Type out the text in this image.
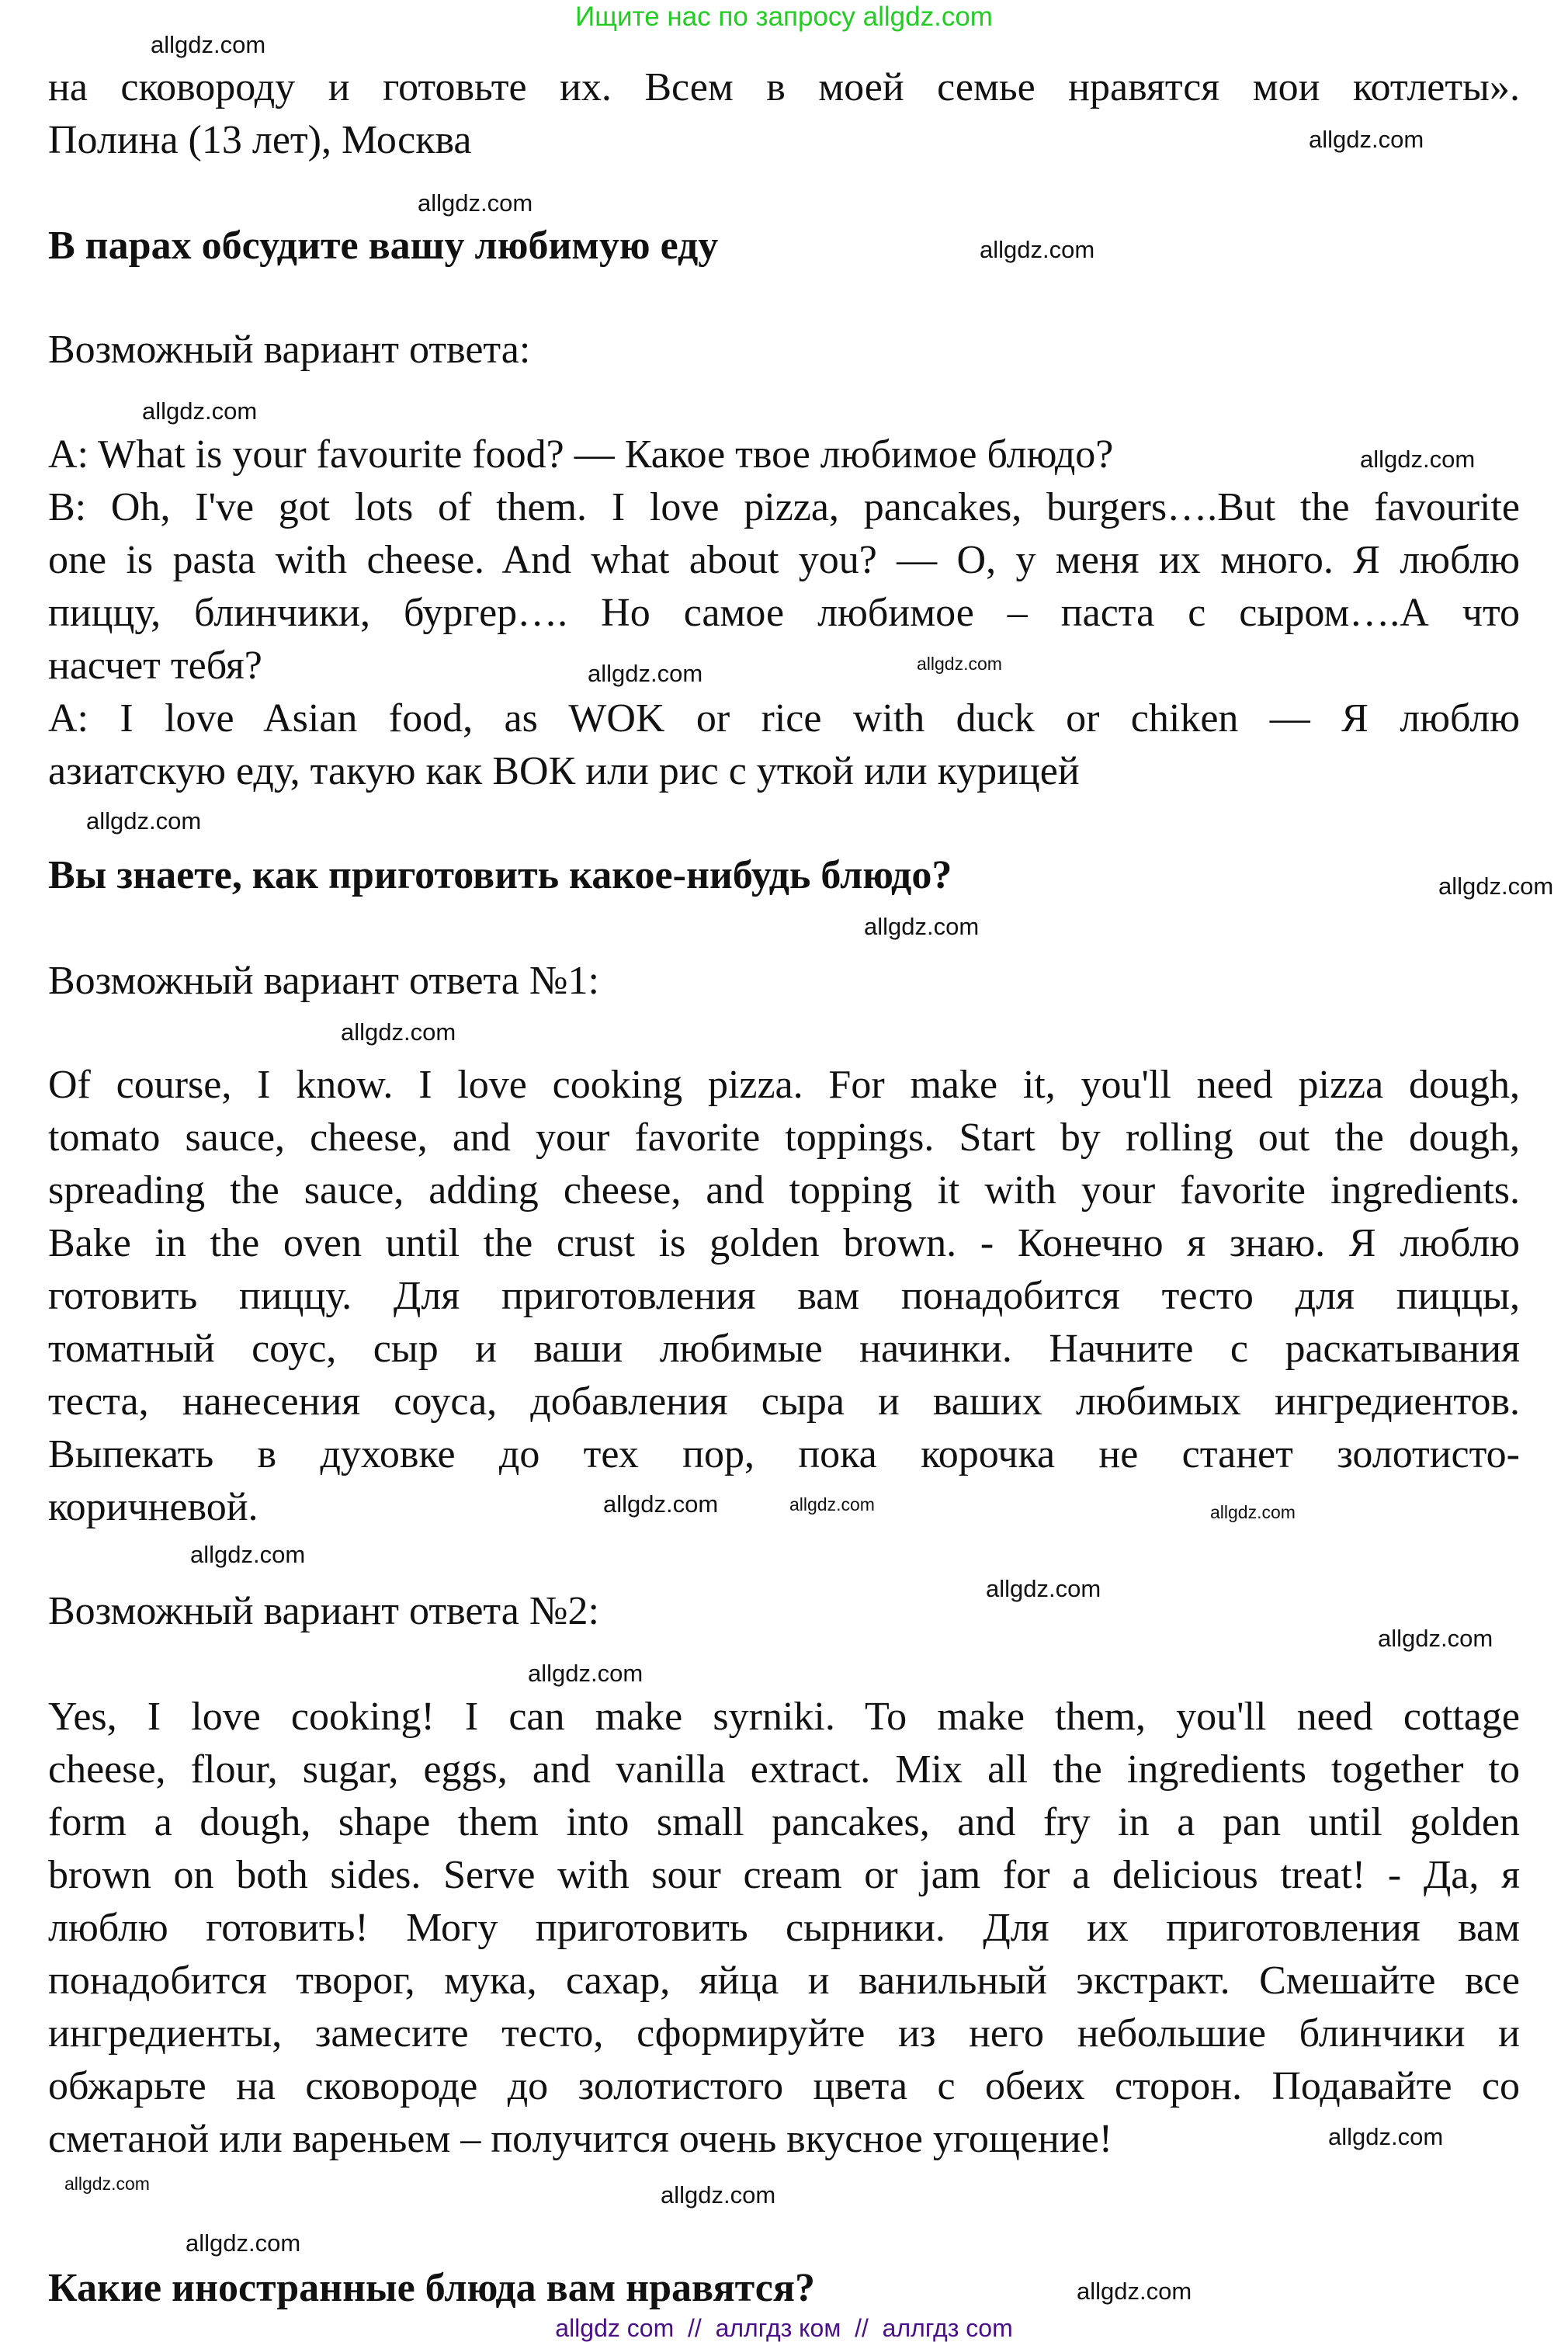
Ищите нас по запросу allgdz.com
на сковороду и готовьте их. Всем в моей семье нравятся мои котлеты».
Полина (13 лет), Москва
В парах обсудите вашу любимую еду
Возможный вариант ответа:
A: What is your favourite food? — Какое твое любимое блюдо?
B: Oh, I've got lots of them. I love pizza, pancakes, burgers….But the favourite
one is pasta with cheese. And what about you? — О, у меня их много. Я люблю
пиццу, блинчики, бургер…. Но самое любимое – паста с сыром….А что
насчет тебя?
A: I love Asian food, as WOK or rice with duck or chiken — Я люблю
азиатскую еду, такую как ВОК или рис с уткой или курицей
Вы знаете, как приготовить какое-нибудь блюдо?
Возможный вариант ответа №1:
Of course, I know. I love cooking pizza. For make it, you'll need pizza dough,
tomato sauce, cheese, and your favorite toppings. Start by rolling out the dough,
spreading the sauce, adding cheese, and topping it with your favorite ingredients.
Bake in the oven until the crust is golden brown. - Конечно я знаю. Я люблю
готовить пиццу. Для приготовления вам понадобится тесто для пиццы,
томатный соус, сыр и ваши любимые начинки. Начните с раскатывания
теста, нанесения соуса, добавления сыра и ваших любимых ингредиентов.
Выпекать в духовке до тех пор, пока корочка не станет золотисто-
коричневой.
Возможный вариант ответа №2:
Yes, I love cooking! I can make syrniki. To make them, you'll need cottage
cheese, flour, sugar, eggs, and vanilla extract. Mix all the ingredients together to
form a dough, shape them into small pancakes, and fry in a pan until golden
brown on both sides. Serve with sour cream or jam for a delicious treat! - Да, я
люблю готовить! Могу приготовить сырники. Для их приготовления вам
понадобится творог, мука, сахар, яйца и ванильный экстракт. Смешайте все
ингредиенты, замесите тесто, сформируйте из него небольшие блинчики и
обжарьте на сковороде до золотистого цвета с обеих сторон. Подавайте со
сметаной или вареньем – получится очень вкусное угощение!
Какие иностранные блюда вам нравятся?
allgdz.com
allgdz.com
allgdz.com
allgdz.com
allgdz.com
allgdz.com
allgdz.com
allgdz.com
allgdz.com
allgdz.com
allgdz.com
allgdz.com
allgdz.com
allgdz.com
allgdz.com
allgdz.com
allgdz.com
allgdz.com
allgdz.com
allgdz.com
allgdz.com
allgdz.com
allgdz.com
allgdz.com
allgdz com  //  аллгдз ком  //  аллгдз com
